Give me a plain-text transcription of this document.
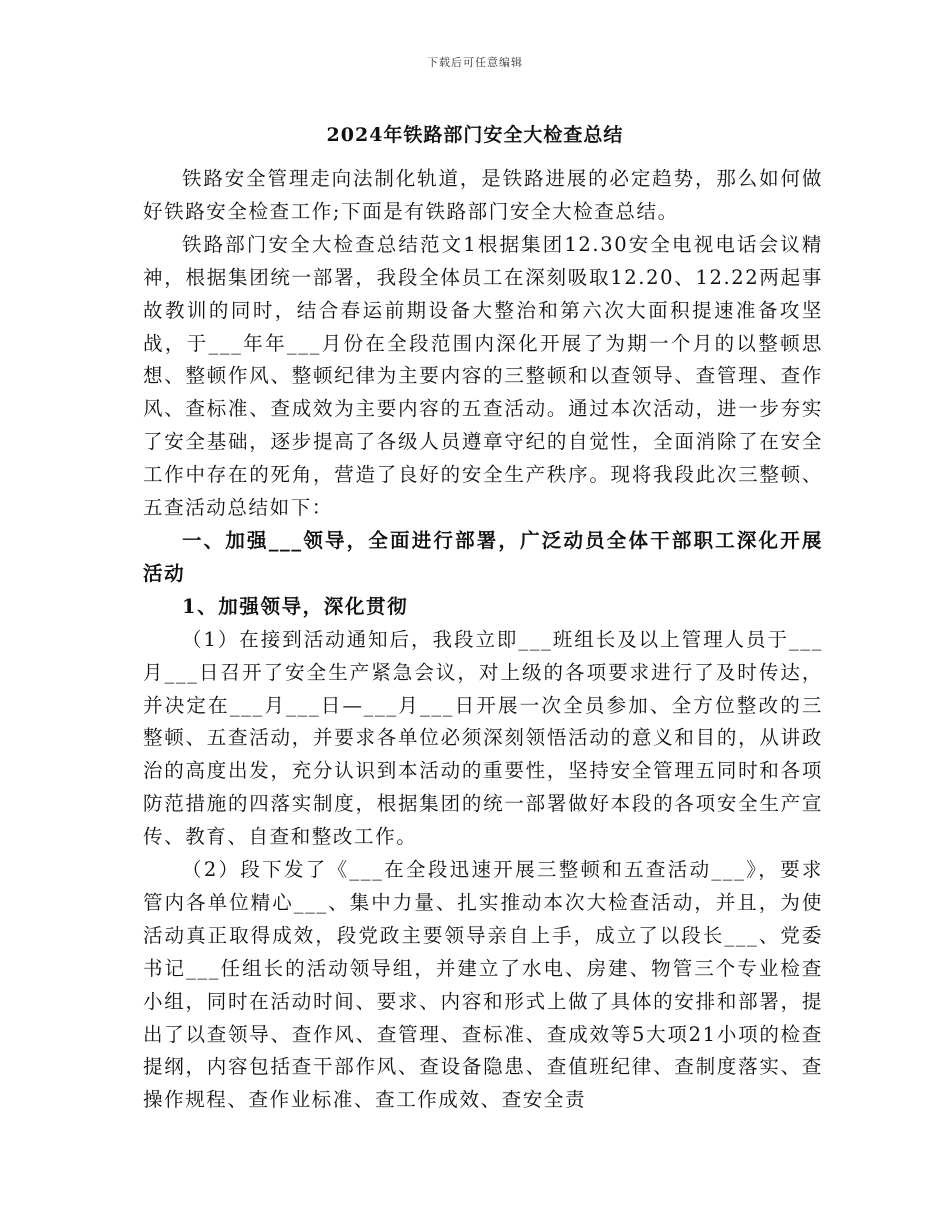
下载后可任意编辑
2024年铁路部门安全大检查总结

铁路安全管理走向法制化轨道，是铁路进展的必定趋势，那么如何做好铁路安全检查工作;下面是有铁路部门安全大检查总结。

铁路部门安全大检查总结范文1根据集团12.30安全电视电话会议精神，根据集团统一部署，我段全体员工在深刻吸取12.20、12.22两起事故教训的同时，结合春运前期设备大整治和第六次大面积提速准备攻坚战，于___年年___月份在全段范围内深化开展了为期一个月的以整顿思想、整顿作风、整顿纪律为主要内容的三整顿和以查领导、查管理、查作风、查标准、查成效为主要内容的五查活动。通过本次活动，进一步夯实了安全基础，逐步提高了各级人员遵章守纪的自觉性，全面消除了在安全工作中存在的死角，营造了良好的安全生产秩序。现将我段此次三整顿、五查活动总结如下：

一、加强___领导，全面进行部署，广泛动员全体干部职工深化开展活动

1、加强领导，深化贯彻

（1）在接到活动通知后，我段立即___班组长及以上管理人员于___月___日召开了安全生产紧急会议，对上级的各项要求进行了及时传达，并决定在___月___日—___月___日开展一次全员参加、全方位整改的三整顿、五查活动，并要求各单位必须深刻领悟活动的意义和目的，从讲政治的高度出发，充分认识到本活动的重要性，坚持安全管理五同时和各项防范措施的四落实制度，根据集团的统一部署做好本段的各项安全生产宣传、教育、自查和整改工作。

（2）段下发了《___在全段迅速开展三整顿和五查活动___》，要求管内各单位精心___、集中力量、扎实推动本次大检查活动，并且，为使活动真正取得成效，段党政主要领导亲自上手，成立了以段长___、党委书记___任组长的活动领导组，并建立了水电、房建、物管三个专业检查小组，同时在活动时间、要求、内容和形式上做了具体的安排和部署，提出了以查领导、查作风、查管理、查标准、查成效等5大项21小项的检查提纲，内容包括查干部作风、查设备隐患、查值班纪律、查制度落实、查操作规程、查作业标准、查工作成效、查安全责
